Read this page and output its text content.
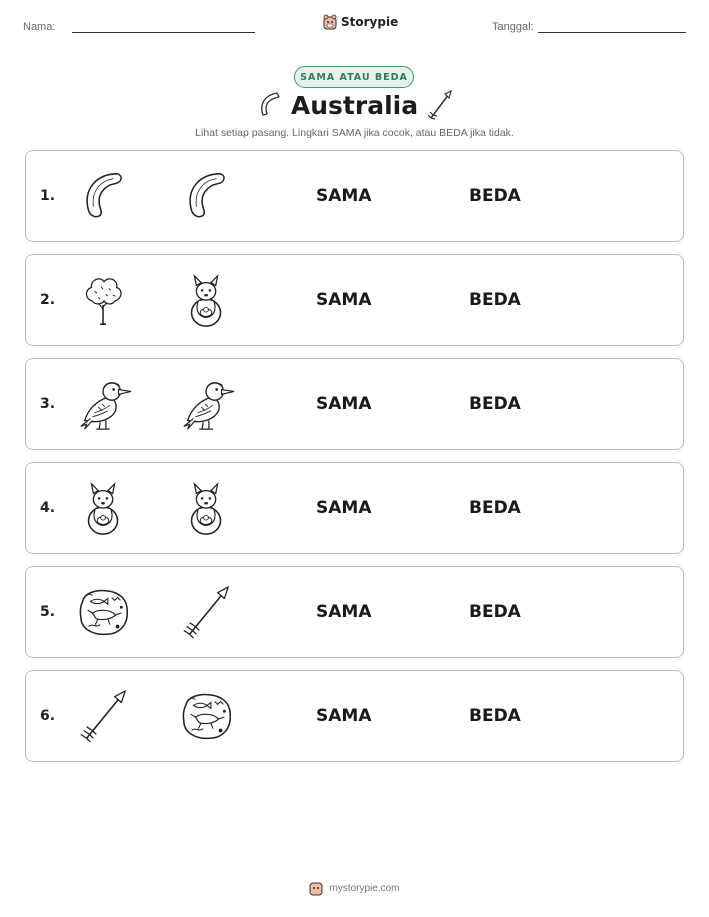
Nama:	Storypie	Tanggal:
SAMA ATAU BEDA
Australia
Lihat setiap pasang. Lingkari SAMA jika cocok, atau BEDA jika tidak.
1.	SAMA	BEDA
2.	SAMA	BEDA
3.	SAMA	BEDA
4.	SAMA	BEDA
5.	SAMA	BEDA
6.	SAMA	BEDA
mystorypie.com
